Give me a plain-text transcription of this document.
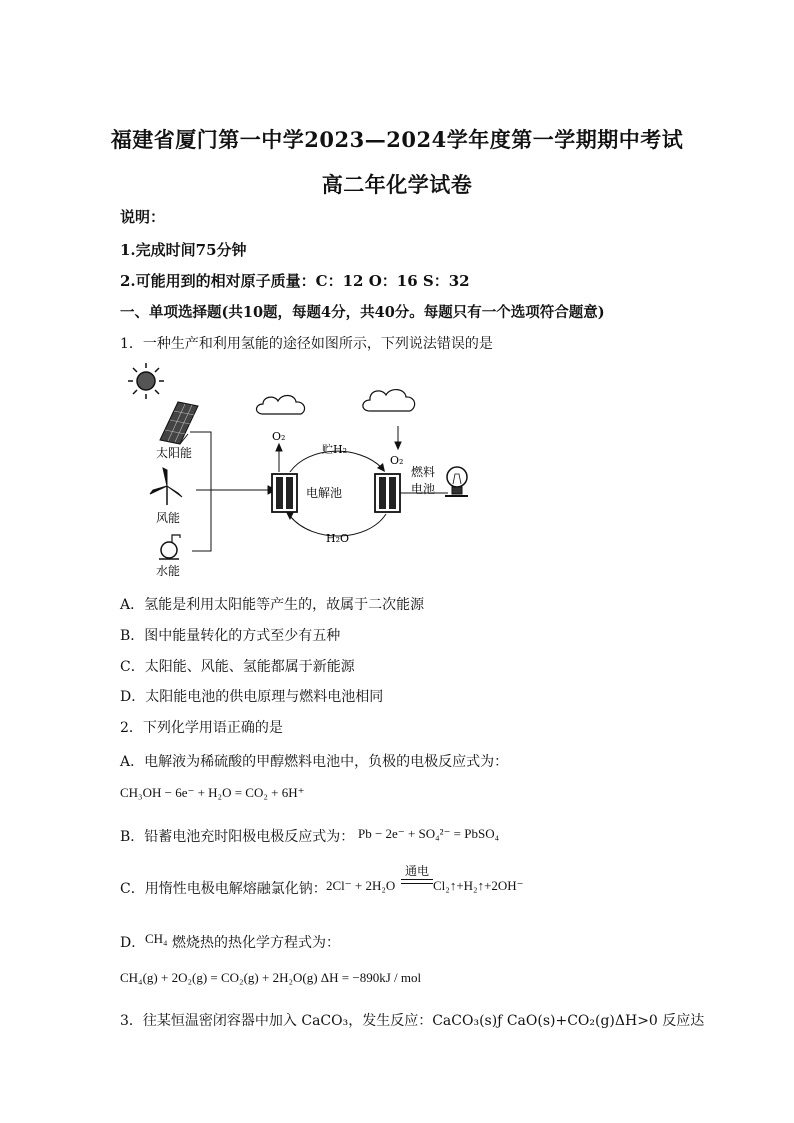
福建省厦门第一中学2023—2024学年度第一学期期中考试
高二年化学试卷
说明：
1.完成时间75分钟
2.可能用到的相对原子质量：C：12 O：16 S：32
一、单项选择题(共10题，每题4分，共40分。每题只有一个选项符合题意)
1．一种生产和利用氢能的途径如图所示，下列说法错误的是
太阳能
风能
水能
电解池
燃料
电池
O₂
O₂
贮H₂
H₂O
A．氢能是利用太阳能等产生的，故属于二次能源
B．图中能量转化的方式至少有五种
C．太阳能、风能、氢能都属于新能源
D．太阳能电池的供电原理与燃料电池相同
2．下列化学用语正确的是
A．电解液为稀硫酸的甲醇燃料电池中，负极的电极反应式为：
CH₃OH − 6e⁻ + H₂O = CO₂ + 6H⁺
B．铅蓄电池充时阳极电极反应式为： Pb − 2e⁻ + SO₄²⁻ = PbSO₄
C．用惰性电极电解熔融氯化钠： 2Cl⁻ + 2H₂O
通电
Cl₂↑+H₂↑+2OH⁻
D． CH₄ 燃烧热的热化学方程式为：
CH₄(g) + 2O₂(g) = CO₂(g) + 2H₂O(g) ΔH = −890kJ / mol
3．往某恒温密闭容器中加入 CaCO₃，发生反应：CaCO₃(s)ƒ CaO(s)+CO₂(g)ΔH>0 反应达
